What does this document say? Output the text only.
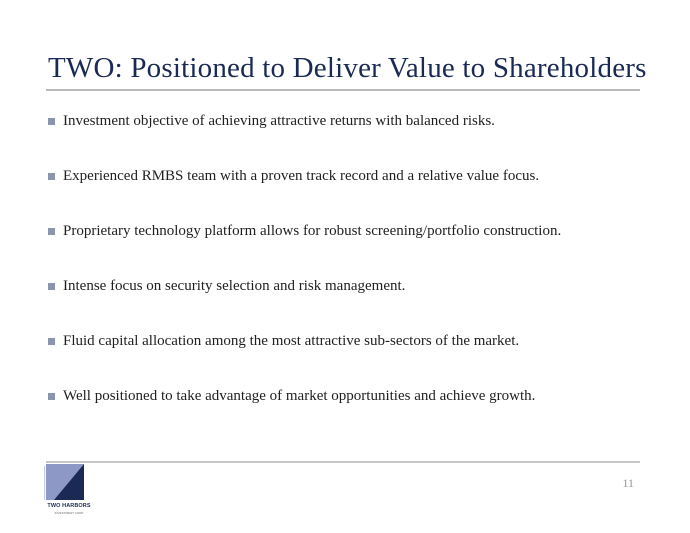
TWO: Positioned to Deliver Value to Shareholders
Investment objective of achieving attractive returns with balanced risks.
Experienced RMBS team with a proven track record and a relative value focus.
Proprietary technology platform allows for robust screening/portfolio construction.
Intense focus on security selection and risk management.
Fluid capital allocation among the most attractive sub-sectors of the market.
Well positioned to take advantage of market opportunities and achieve growth.
TWO HARBORS
INVESTMENT CORP
11
